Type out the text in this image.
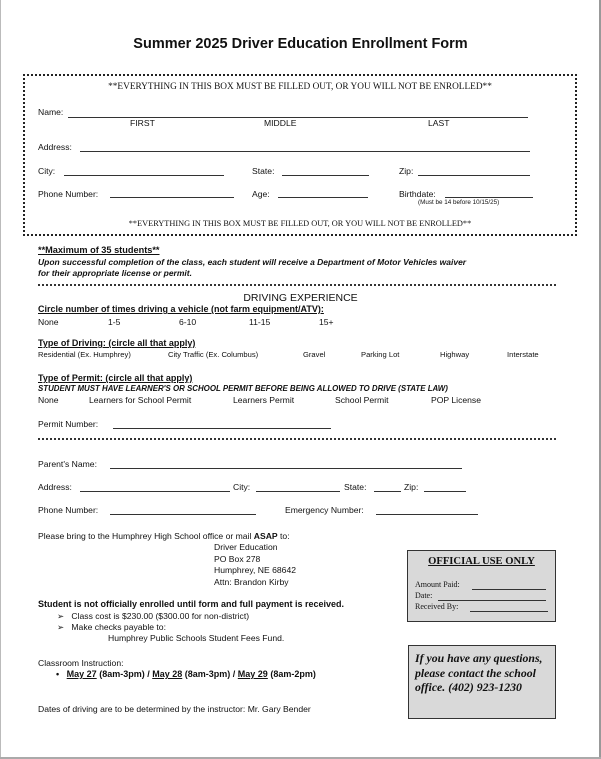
Summer 2025 Driver Education Enrollment Form
**EVERYTHING IN THIS BOX MUST BE FILLED OUT, OR YOU WILL NOT BE ENROLLED**
Name:
FIRST	MIDDLE	LAST
Address:
City:	State:	Zip:
Phone Number:	Age:	Birthdate:
(Must be 14 before 10/15/25)
**EVERYTHING IN THIS BOX MUST BE FILLED OUT, OR YOU WILL NOT BE ENROLLED**
**Maximum of 35 students**
Upon successful completion of the class, each student will receive a Department of Motor Vehicles waiver
for their appropriate license or permit.
DRIVING EXPERIENCE
Circle number of times driving a vehicle (not farm equipment/ATV):
None	1-5	6-10	11-15	15+
Type of Driving: (circle all that apply)
Residential (Ex. Humphrey)	City Traffic (Ex. Columbus)	Gravel	Parking Lot	Highway	Interstate
Type of Permit: (circle all that apply)
STUDENT MUST HAVE LEARNER'S OR SCHOOL PERMIT BEFORE BEING ALLOWED TO DRIVE (STATE LAW)
None	Learners for School Permit	Learners Permit	School Permit	POP License
Permit Number:
Parent's Name:
Address:	City:	State:	Zip:
Phone Number:	Emergency Number:
Please bring to the Humphrey High School office or mail ASAP to:
Driver Education
PO Box 278
Humphrey, NE 68642
Attn: Brandon Kirby
OFFICIAL USE ONLY
Amount Paid:
Date:
Received By:
Student is not officially enrolled until form and full payment is received.
➢ Class cost is $230.00 ($300.00 for non-district)
➢ Make checks payable to:
Humphrey Public Schools Student Fees Fund.
If you have any questions, please contact the school office. (402) 923-1230
Classroom Instruction:
• May 27 (8am-3pm) / May 28 (8am-3pm) / May 29 (8am-2pm)
Dates of driving are to be determined by the instructor: Mr. Gary Bender
